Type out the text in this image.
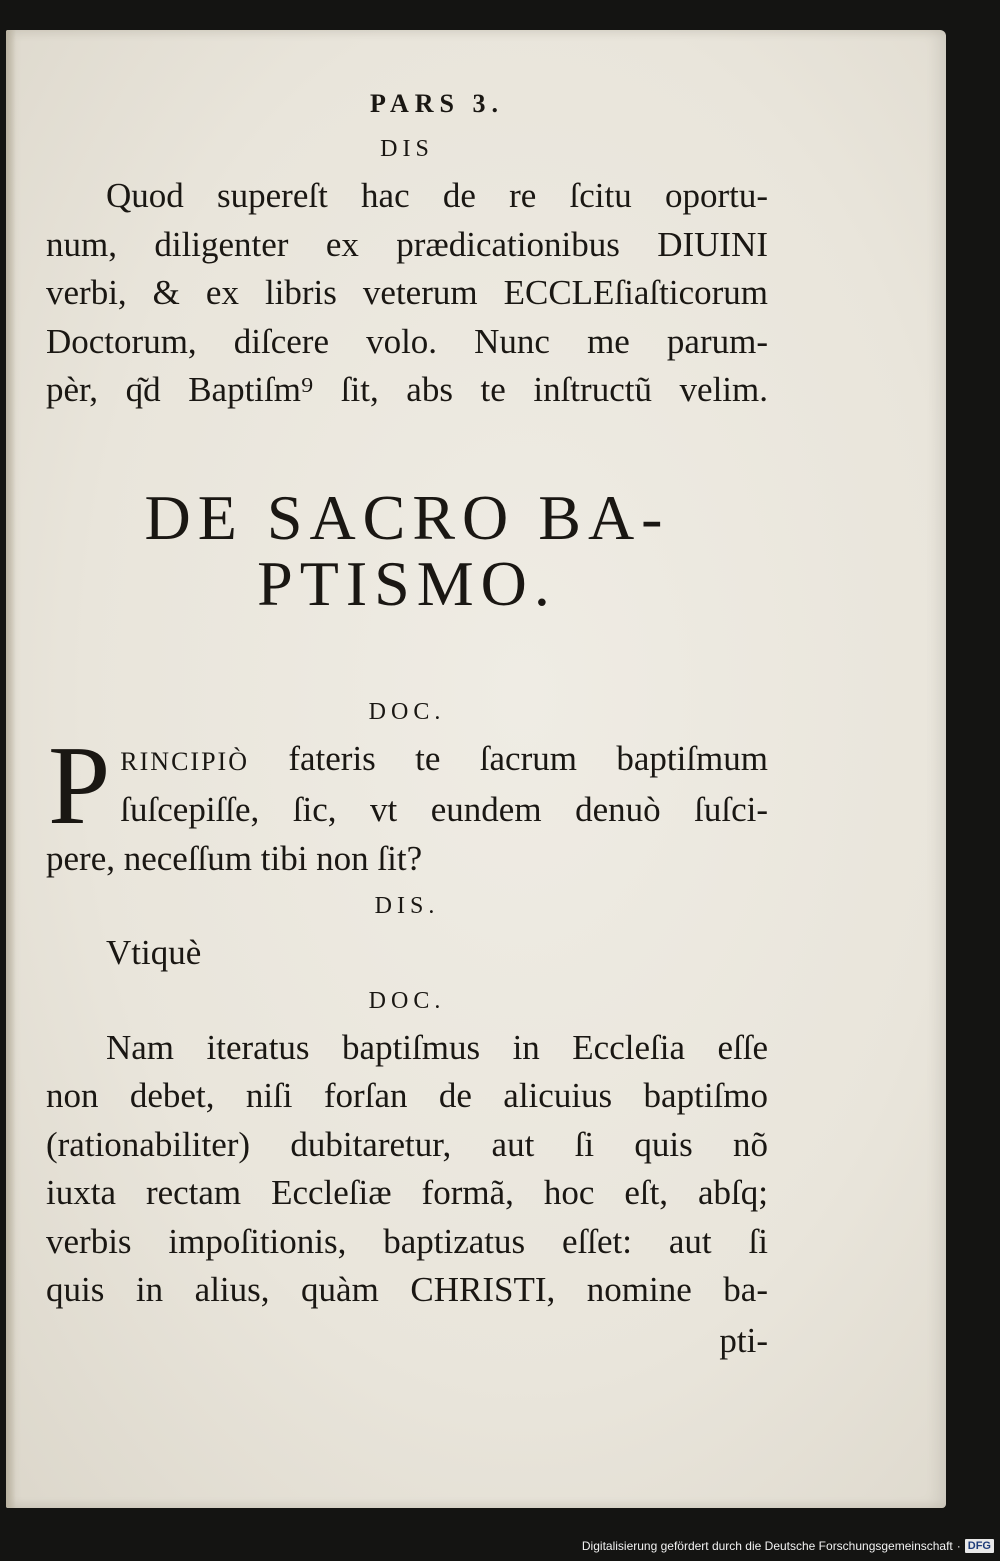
PARS 3.
DIS

Quod supereſt hac de re ſcitu oportu-
num, diligenter ex prædicationibus DIUINI
verbi, & ex libris veterum ECCLEſiaſticorum
Doctorum, diſcere volo. Nunc me parum-
pèr, q͂d Baptiſm⁹ ſit, abs te inſtructũ velim.

DE SACRO BA-
PTISMO.
DOC.
P RINCIPIÒ fateris te ſacrum baptiſmum
ſuſcepiſſe, ſic, vt eundem denuò ſuſci-
pere, neceſſum tibi non ſit?

DIS.

Vtiquè

DOC.

Nam iteratus baptiſmus in Eccleſia eſſe
non debet, niſi forſan de alicuius baptiſmo
(rationabiliter) dubitaretur, aut ſi quis nõ
iuxta rectam Eccleſiæ formã, hoc eſt, abſq;
verbis impoſitionis, baptizatus eſſet: aut ſi
quis in alius, quàm CHRISTI, nomine ba-

pti-
Digitalisierung gefördert durch die Deutsche Forschungsgemeinschaft · DFG
